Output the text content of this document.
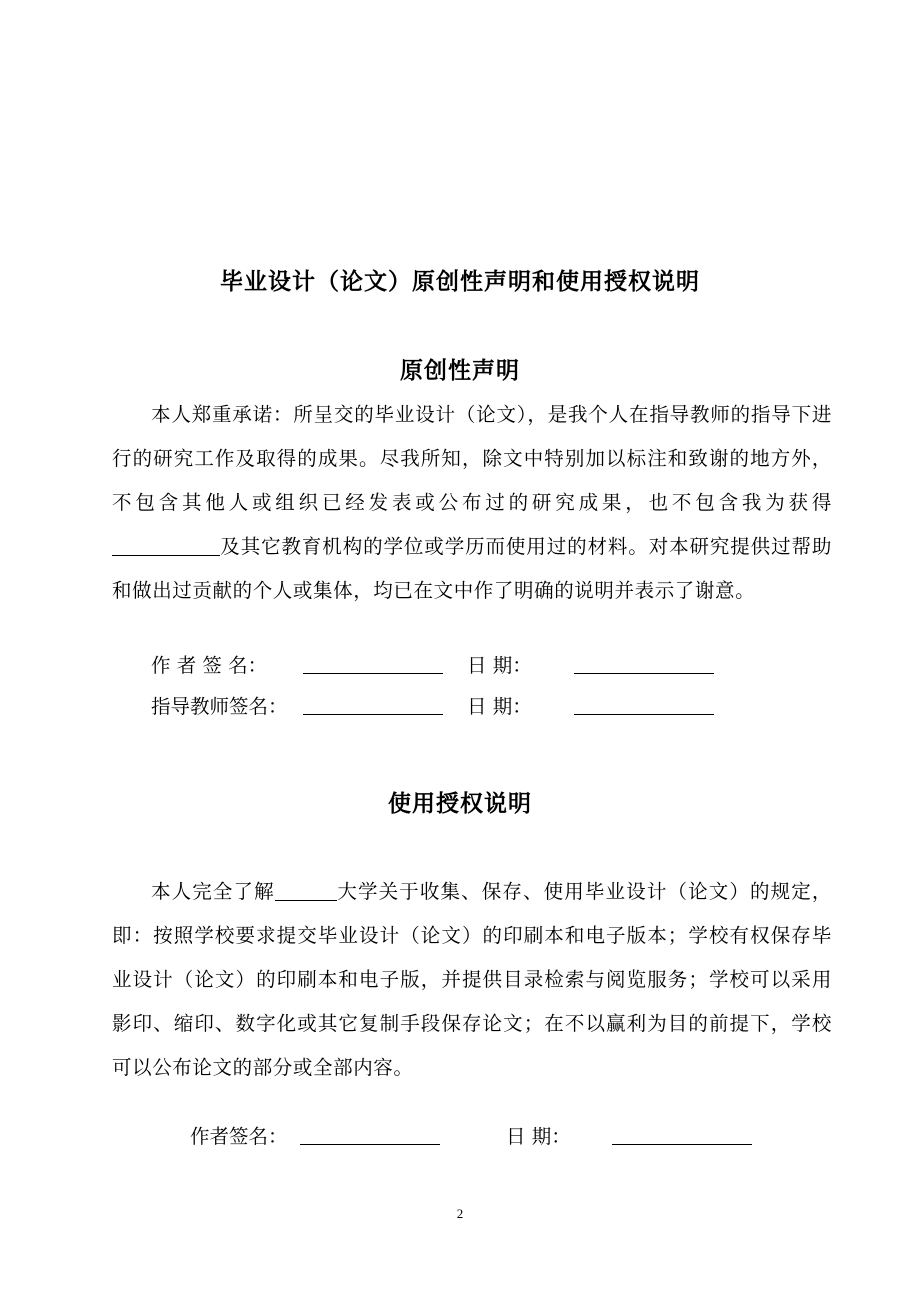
毕业设计（论文）原创性声明和使用授权说明
原创性声明

本人郑重承诺：所呈交的毕业设计（论文），是我个人在指导教师的指导下进行的研究工作及取得的成果。尽我所知，除文中特别加以标注和致谢的地方外，不包含其他人或组织已经发表或公布过的研究成果，也不包含我为获得及其它教育机构的学位或学历而使用过的材料。对本研究提供过帮助和做出过贡献的个人或集体，均已在文中作了明确的说明并表示了谢意。

作 者 签 名：	日 期：
指导教师签名：	日 期：
使用授权说明

本人完全了解	大学关于收集、保存、使用毕业设计（论文）的规定，即：按照学校要求提交毕业设计（论文）的印刷本和电子版本；学校有权保存毕业设计（论文）的印刷本和电子版，并提供目录检索与阅览服务；学校可以采用影印、缩印、数字化或其它复制手段保存论文；在不以赢利为目的前提下，学校可以公布论文的部分或全部内容。

作者签名：	日 期：
2
